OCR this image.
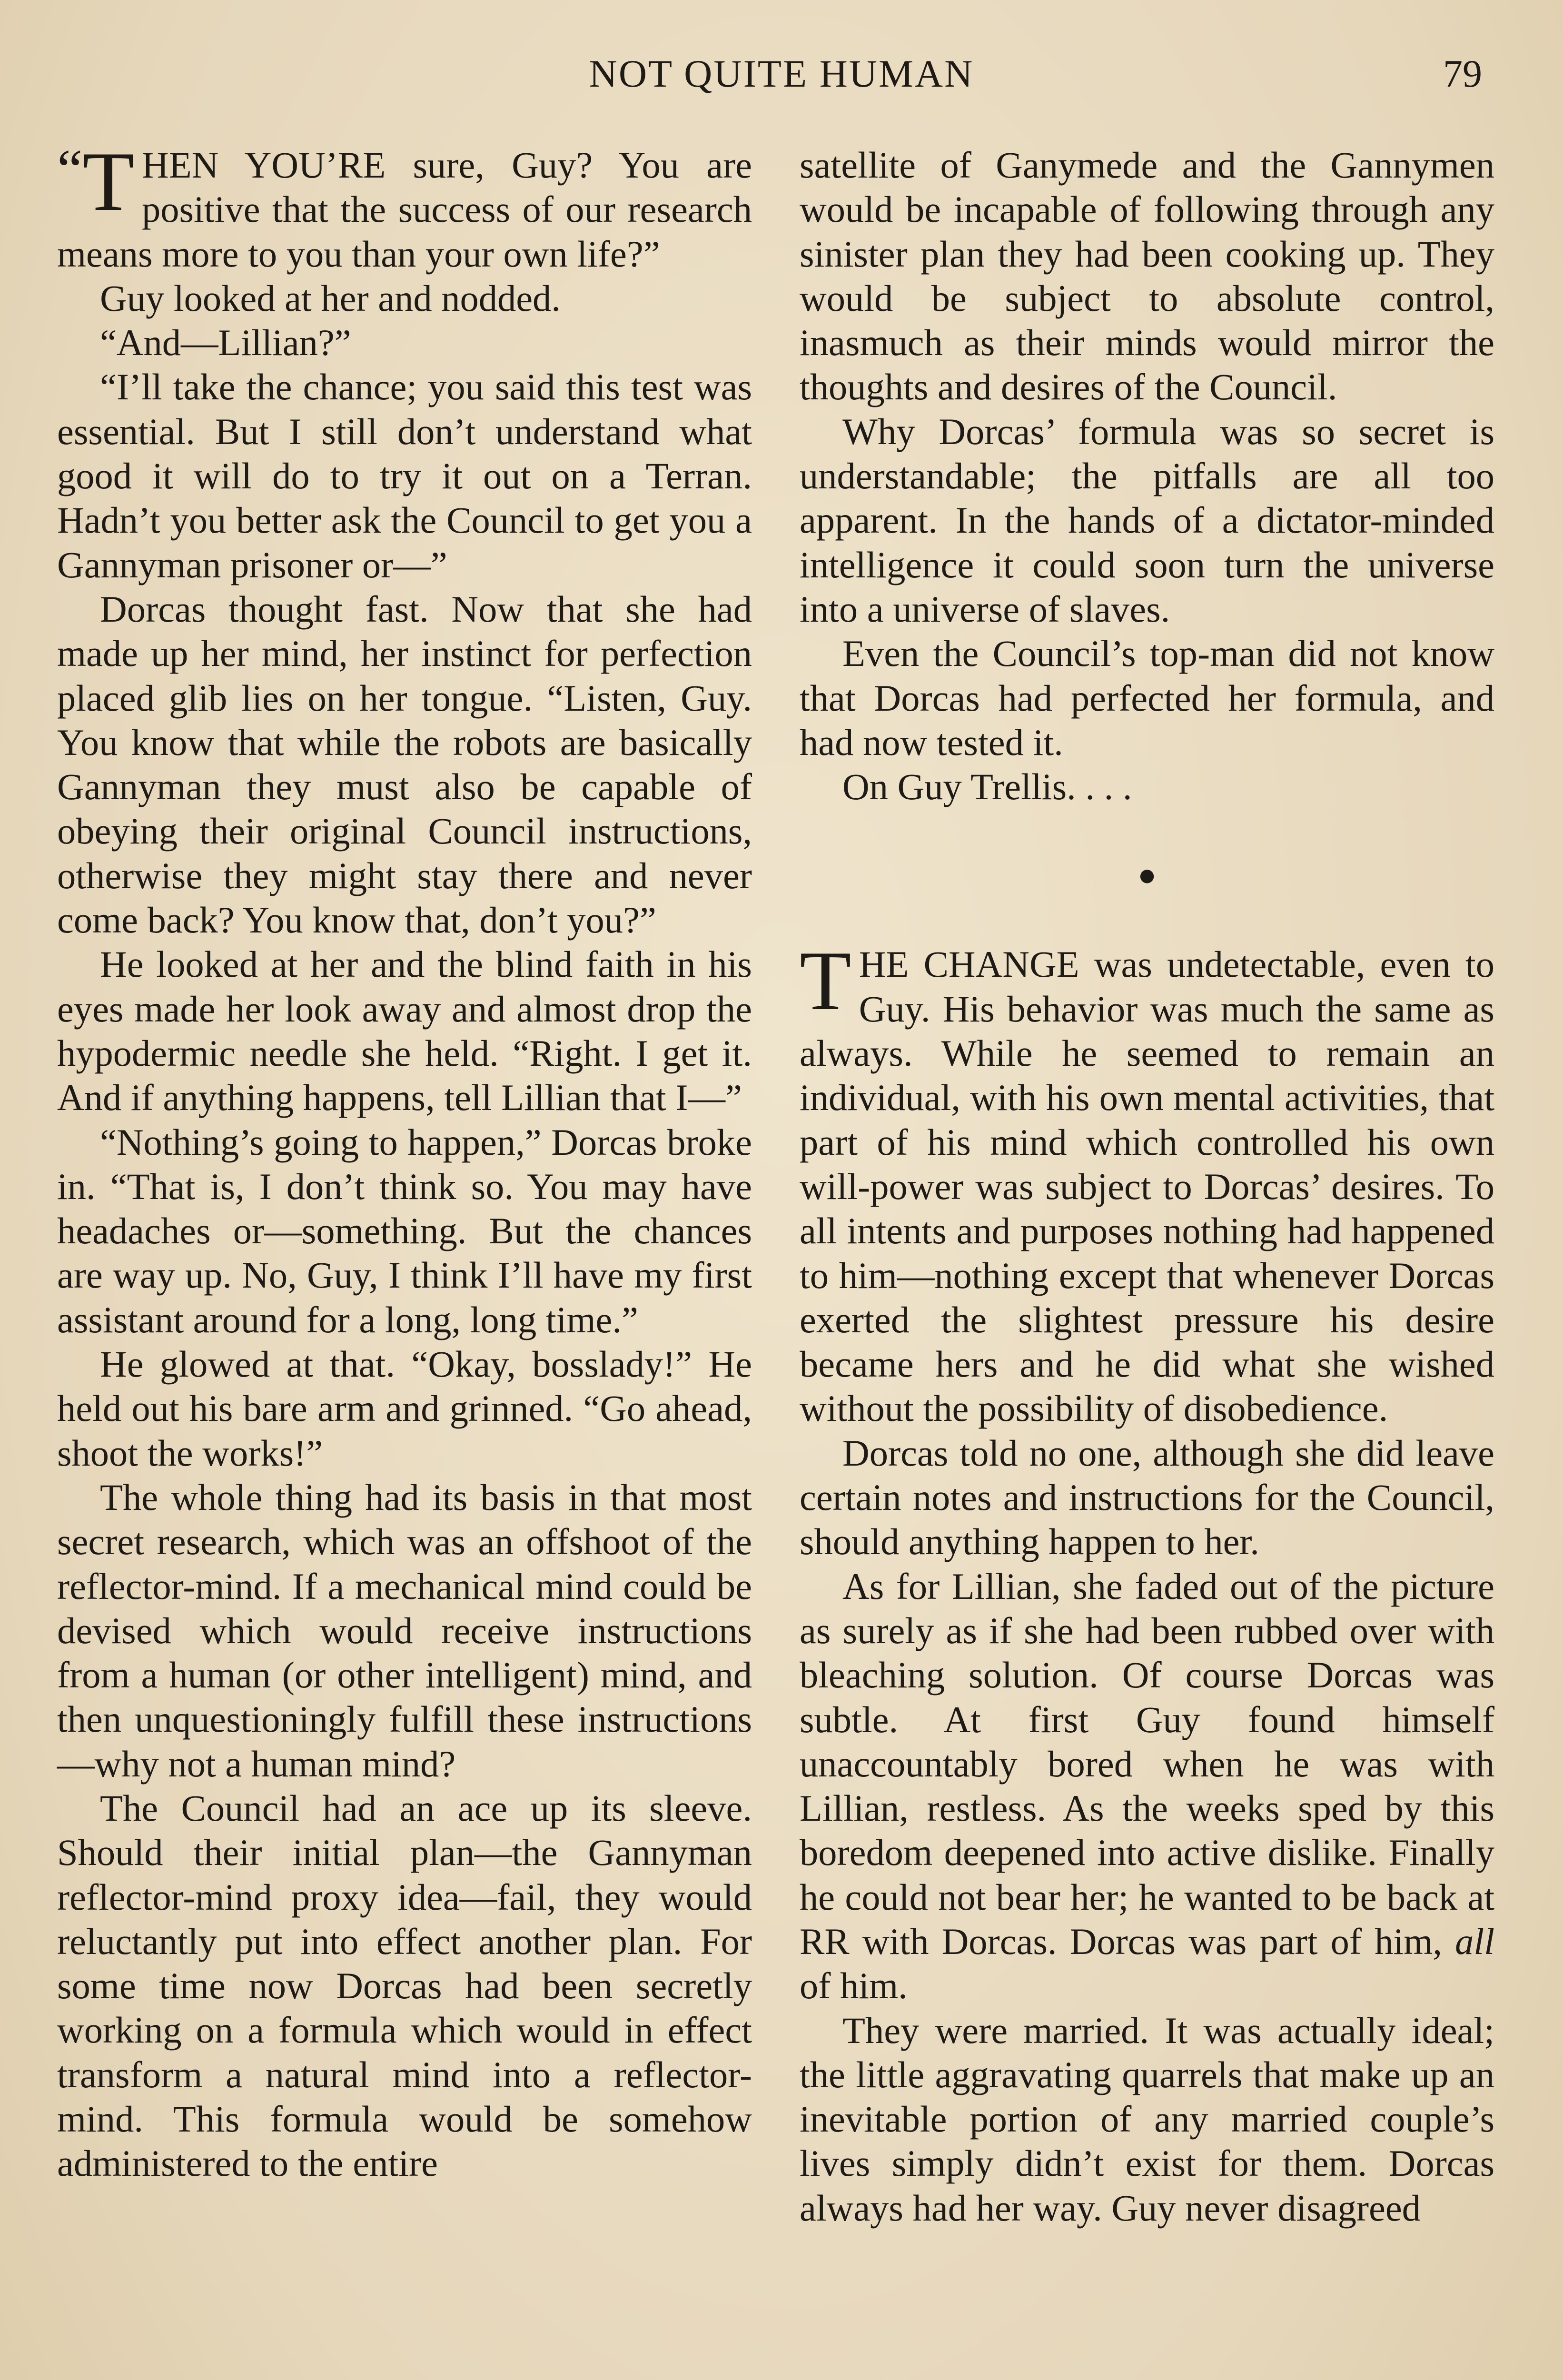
NOT QUITE HUMAN	79

“T HEN YOU’RE sure, Guy? You are positive that the success of our research means more to you than your own life?”

Guy looked at her and nodded.

“And—Lillian?”

“I’ll take the chance; you said this test was essential. But I still don’t understand what good it will do to try it out on a Terran. Hadn’t you better ask the Council to get you a Gannyman prisoner or—”

Dorcas thought fast. Now that she had made up her mind, her instinct for perfection placed glib lies on her tongue. “Listen, Guy. You know that while the robots are basically Gannyman they must also be capable of obeying their original Council instructions, otherwise they might stay there and never come back? You know that, don’t you?”

He looked at her and the blind faith in his eyes made her look away and almost drop the hypodermic needle she held. “Right. I get it. And if anything happens, tell Lillian that I—”

“Nothing’s going to happen,” Dorcas broke in. “That is, I don’t think so. You may have headaches or—something. But the chances are way up. No, Guy, I think I’ll have my first assistant around for a long, long time.”

He glowed at that. “Okay, bosslady!” He held out his bare arm and grinned. “Go ahead, shoot the works!”

The whole thing had its basis in that most secret research, which was an offshoot of the reflector-mind. If a mechanical mind could be devised which would receive instructions from a human (or other intelligent) mind, and then unquestioningly fulfill these instructions—why not a human mind?

The Council had an ace up its sleeve. Should their initial plan—the Gannyman reflector-mind proxy idea—fail, they would reluctantly put into effect another plan. For some time now Dorcas had been secretly working on a formula which would in effect transform a natural mind into a reflector-mind. This formula would be somehow administered to the entire

satellite of Ganymede and the Gannymen would be incapable of following through any sinister plan they had been cooking up. They would be subject to absolute control, inasmuch as their minds would mirror the thoughts and desires of the Council.

Why Dorcas’ formula was so secret is understandable; the pitfalls are all too apparent. In the hands of a dictator-minded intelligence it could soon turn the universe into a universe of slaves.

Even the Council’s top-man did not know that Dorcas had perfected her formula, and had now tested it.

On Guy Trellis. . . .

●

THE CHANGE was undetectable, even to Guy. His behavior was much the same as always. While he seemed to remain an individual, with his own mental activities, that part of his mind which controlled his own will-power was subject to Dorcas’ desires. To all intents and purposes nothing had happened to him—nothing except that whenever Dorcas exerted the slightest pressure his desire became hers and he did what she wished without the possibility of disobedience.

Dorcas told no one, although she did leave certain notes and instructions for the Council, should anything happen to her.

As for Lillian, she faded out of the picture as surely as if she had been rubbed over with bleaching solution. Of course Dorcas was subtle. At first Guy found himself unaccountably bored when he was with Lillian, restless. As the weeks sped by this boredom deepened into active dislike. Finally he could not bear her; he wanted to be back at RR with Dorcas. Dorcas was part of him, all of him.

They were married. It was actually ideal; the little aggravating quarrels that make up an inevitable portion of any married couple’s lives simply didn’t exist for them. Dorcas always had her way. Guy never disagreed
